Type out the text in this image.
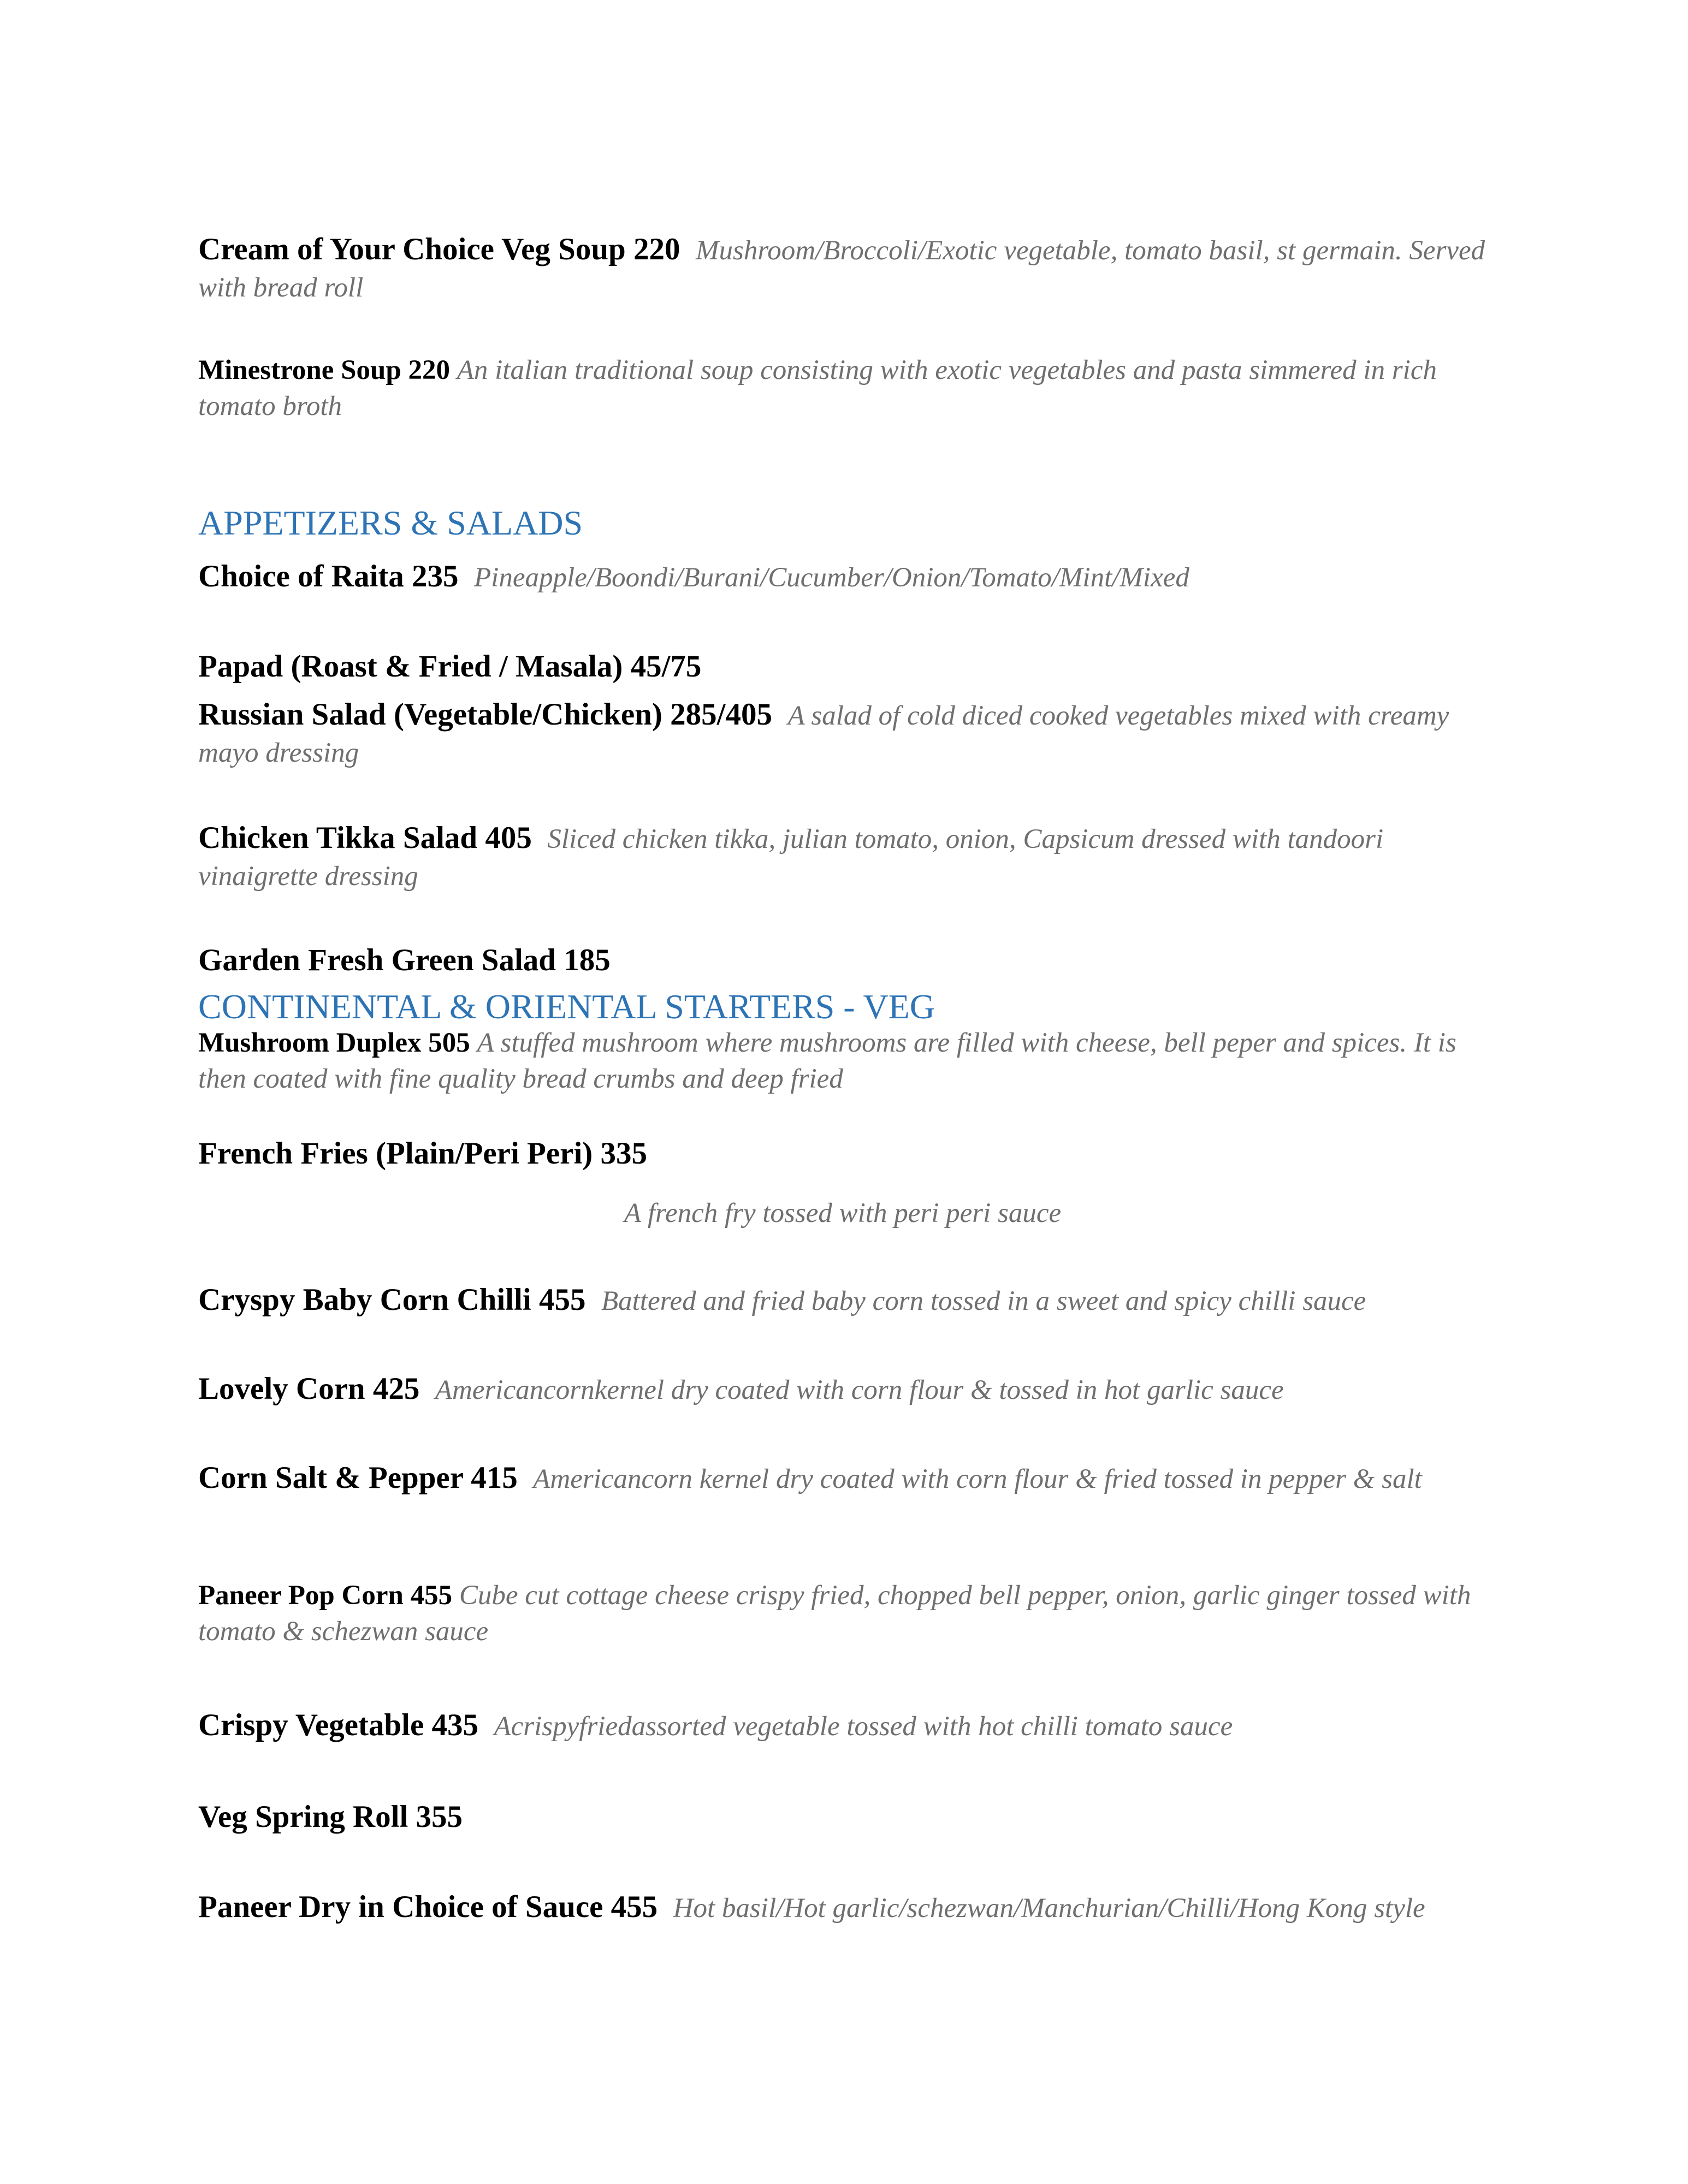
Cream of Your Choice Veg Soup 220 Mushroom/Broccoli/Exotic vegetable, tomato basil, st germain. Served with bread roll

Minestrone Soup 220 An italian traditional soup consisting with exotic vegetables and pasta simmered in rich tomato broth

APPETIZERS & SALADS

Choice of Raita 235 Pineapple/Boondi/Burani/Cucumber/Onion/Tomato/Mint/Mixed

Papad (Roast & Fried / Masala) 45/75

Russian Salad (Vegetable/Chicken) 285/405 A salad of cold diced cooked vegetables mixed with creamy mayo dressing

Chicken Tikka Salad 405 Sliced chicken tikka, julian tomato, onion, Capsicum dressed with tandoori vinaigrette dressing

Garden Fresh Green Salad 185

CONTINENTAL & ORIENTAL STARTERS - VEG

Mushroom Duplex 505 A stuffed mushroom where mushrooms are filled with cheese, bell peper and spices. It is then coated with fine quality bread crumbs and deep fried

French Fries (Plain/Peri Peri) 335

A french fry tossed with peri peri sauce

Cryspy Baby Corn Chilli 455 Battered and fried baby corn tossed in a sweet and spicy chilli sauce

Lovely Corn 425 Americancornkernel dry coated with corn flour & tossed in hot garlic sauce

Corn Salt & Pepper 415 Americancorn kernel dry coated with corn flour & fried tossed in pepper & salt

Paneer Pop Corn 455 Cube cut cottage cheese crispy fried, chopped bell pepper, onion, garlic ginger tossed with tomato & schezwan sauce

Crispy Vegetable 435 Acrispyfriedassorted vegetable tossed with hot chilli tomato sauce

Veg Spring Roll 355

Paneer Dry in Choice of Sauce 455 Hot basil/Hot garlic/schezwan/Manchurian/Chilli/Hong Kong style
